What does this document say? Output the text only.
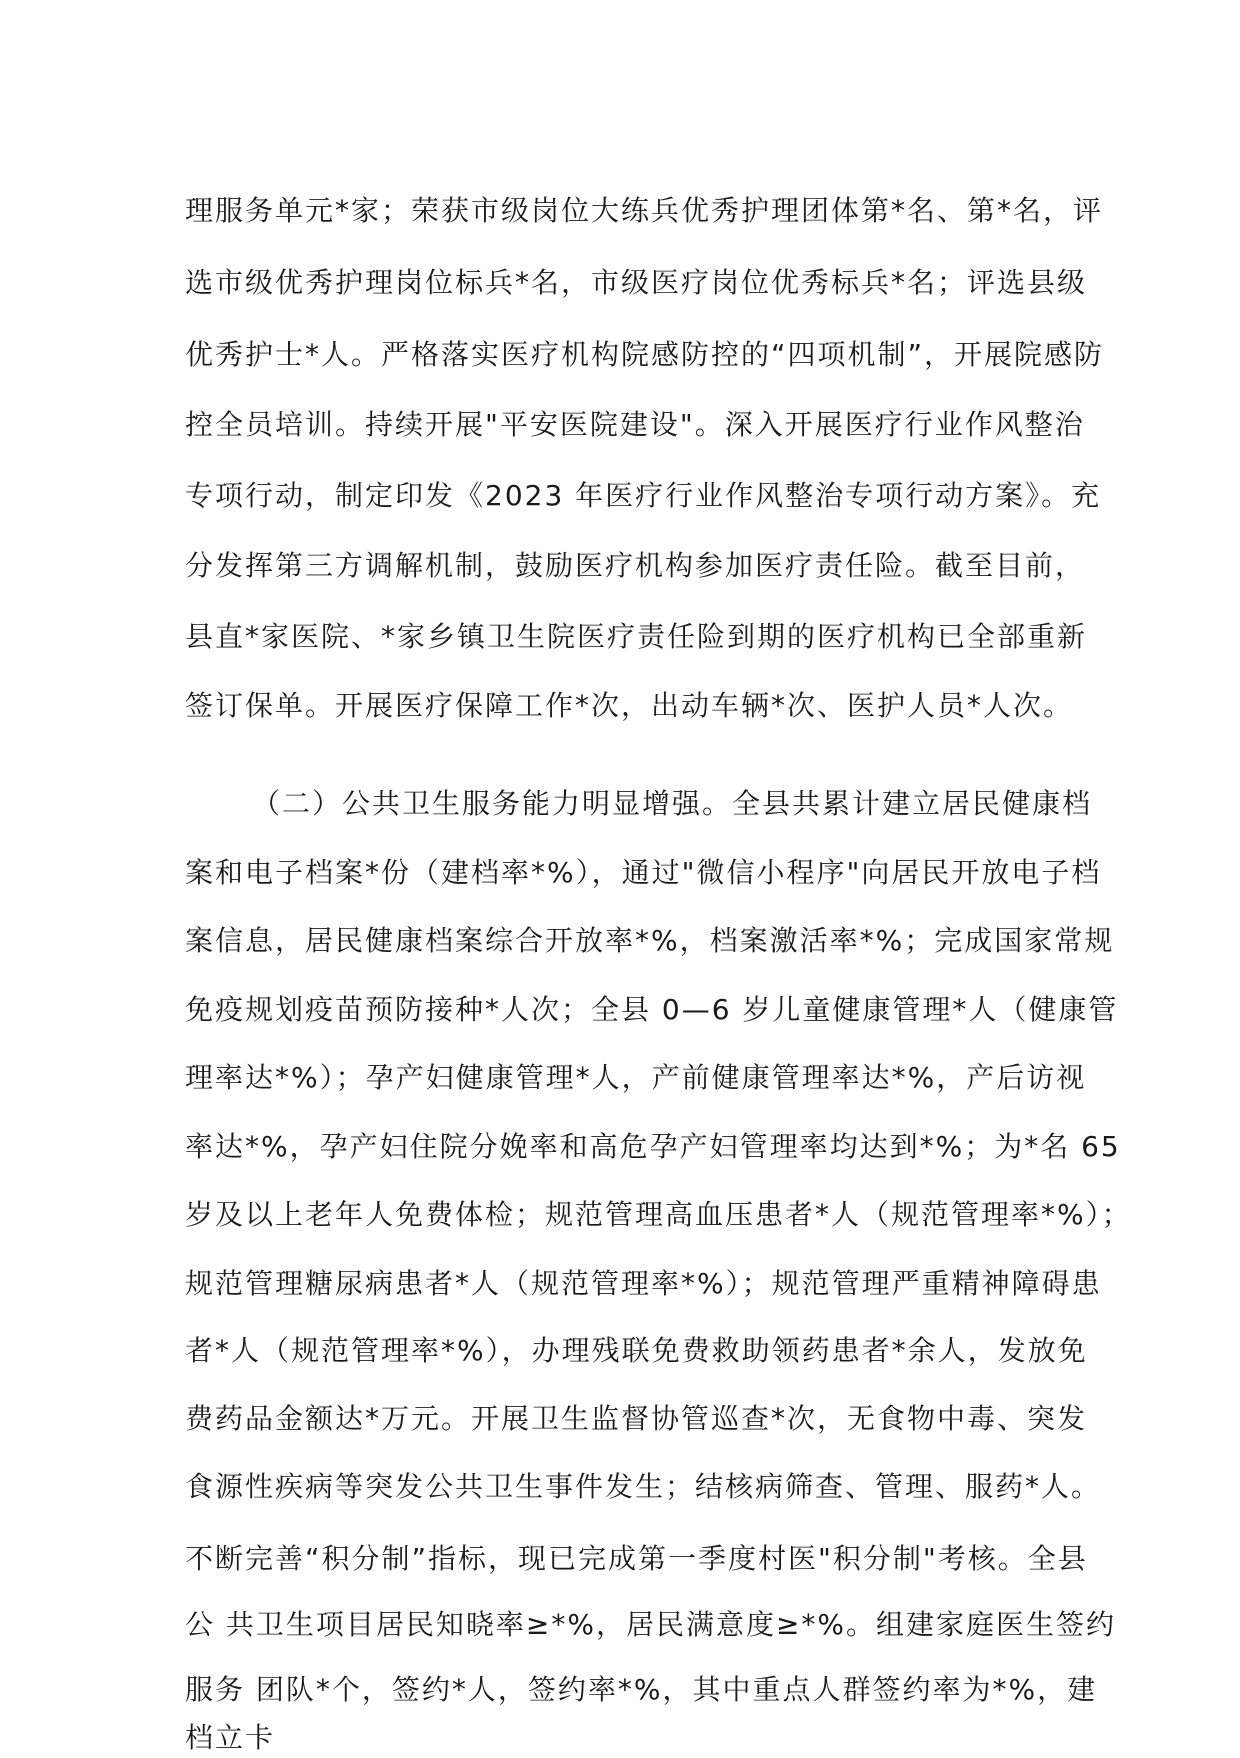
理服务单元*家；荣获市级岗位大练兵优秀护理团体第*名、第*名，评
选市级优秀护理岗位标兵*名，市级医疗岗位优秀标兵*名；评选县级
优秀护士*人。严格落实医疗机构院感防控的“四项机制”，开展院感防
控全员培训。持续开展"平安医院建设"。深入开展医疗行业作风整治
专项行动，制定印发《2023 年医疗行业作风整治专项行动方案》。充
分发挥第三方调解机制，鼓励医疗机构参加医疗责任险。截至目前，
县直*家医院、*家乡镇卫生院医疗责任险到期的医疗机构已全部重新
签订保单。开展医疗保障工作*次，出动车辆*次、医护人员*人次。
（二）公共卫生服务能力明显增强。全县共累计建立居民健康档
案和电子档案*份（建档率*%），通过"微信小程序"向居民开放电子档
案信息，居民健康档案综合开放率*%，档案激活率*%；完成国家常规
免疫规划疫苗预防接种*人次；全县 0—6 岁儿童健康管理*人（健康管
理率达*%）；孕产妇健康管理*人，产前健康管理率达*%，产后访视
率达*%，孕产妇住院分娩率和高危孕产妇管理率均达到*%；为*名 65
岁及以上老年人免费体检；规范管理高血压患者*人（规范管理率*%）；
规范管理糖尿病患者*人（规范管理率*%）；规范管理严重精神障碍患
者*人（规范管理率*%），办理残联免费救助领药患者*余人，发放免
费药品金额达*万元。开展卫生监督协管巡查*次，无食物中毒、突发
食源性疾病等突发公共卫生事件发生；结核病筛查、管理、服药*人。
不断完善“积分制”指标，现已完成第一季度村医"积分制"考核。全县
公 共卫生项目居民知晓率≥*%，居民满意度≥*%。组建家庭医生签约
服务 团队*个，签约*人，签约率*%，其中重点人群签约率为*%，建
档立卡
